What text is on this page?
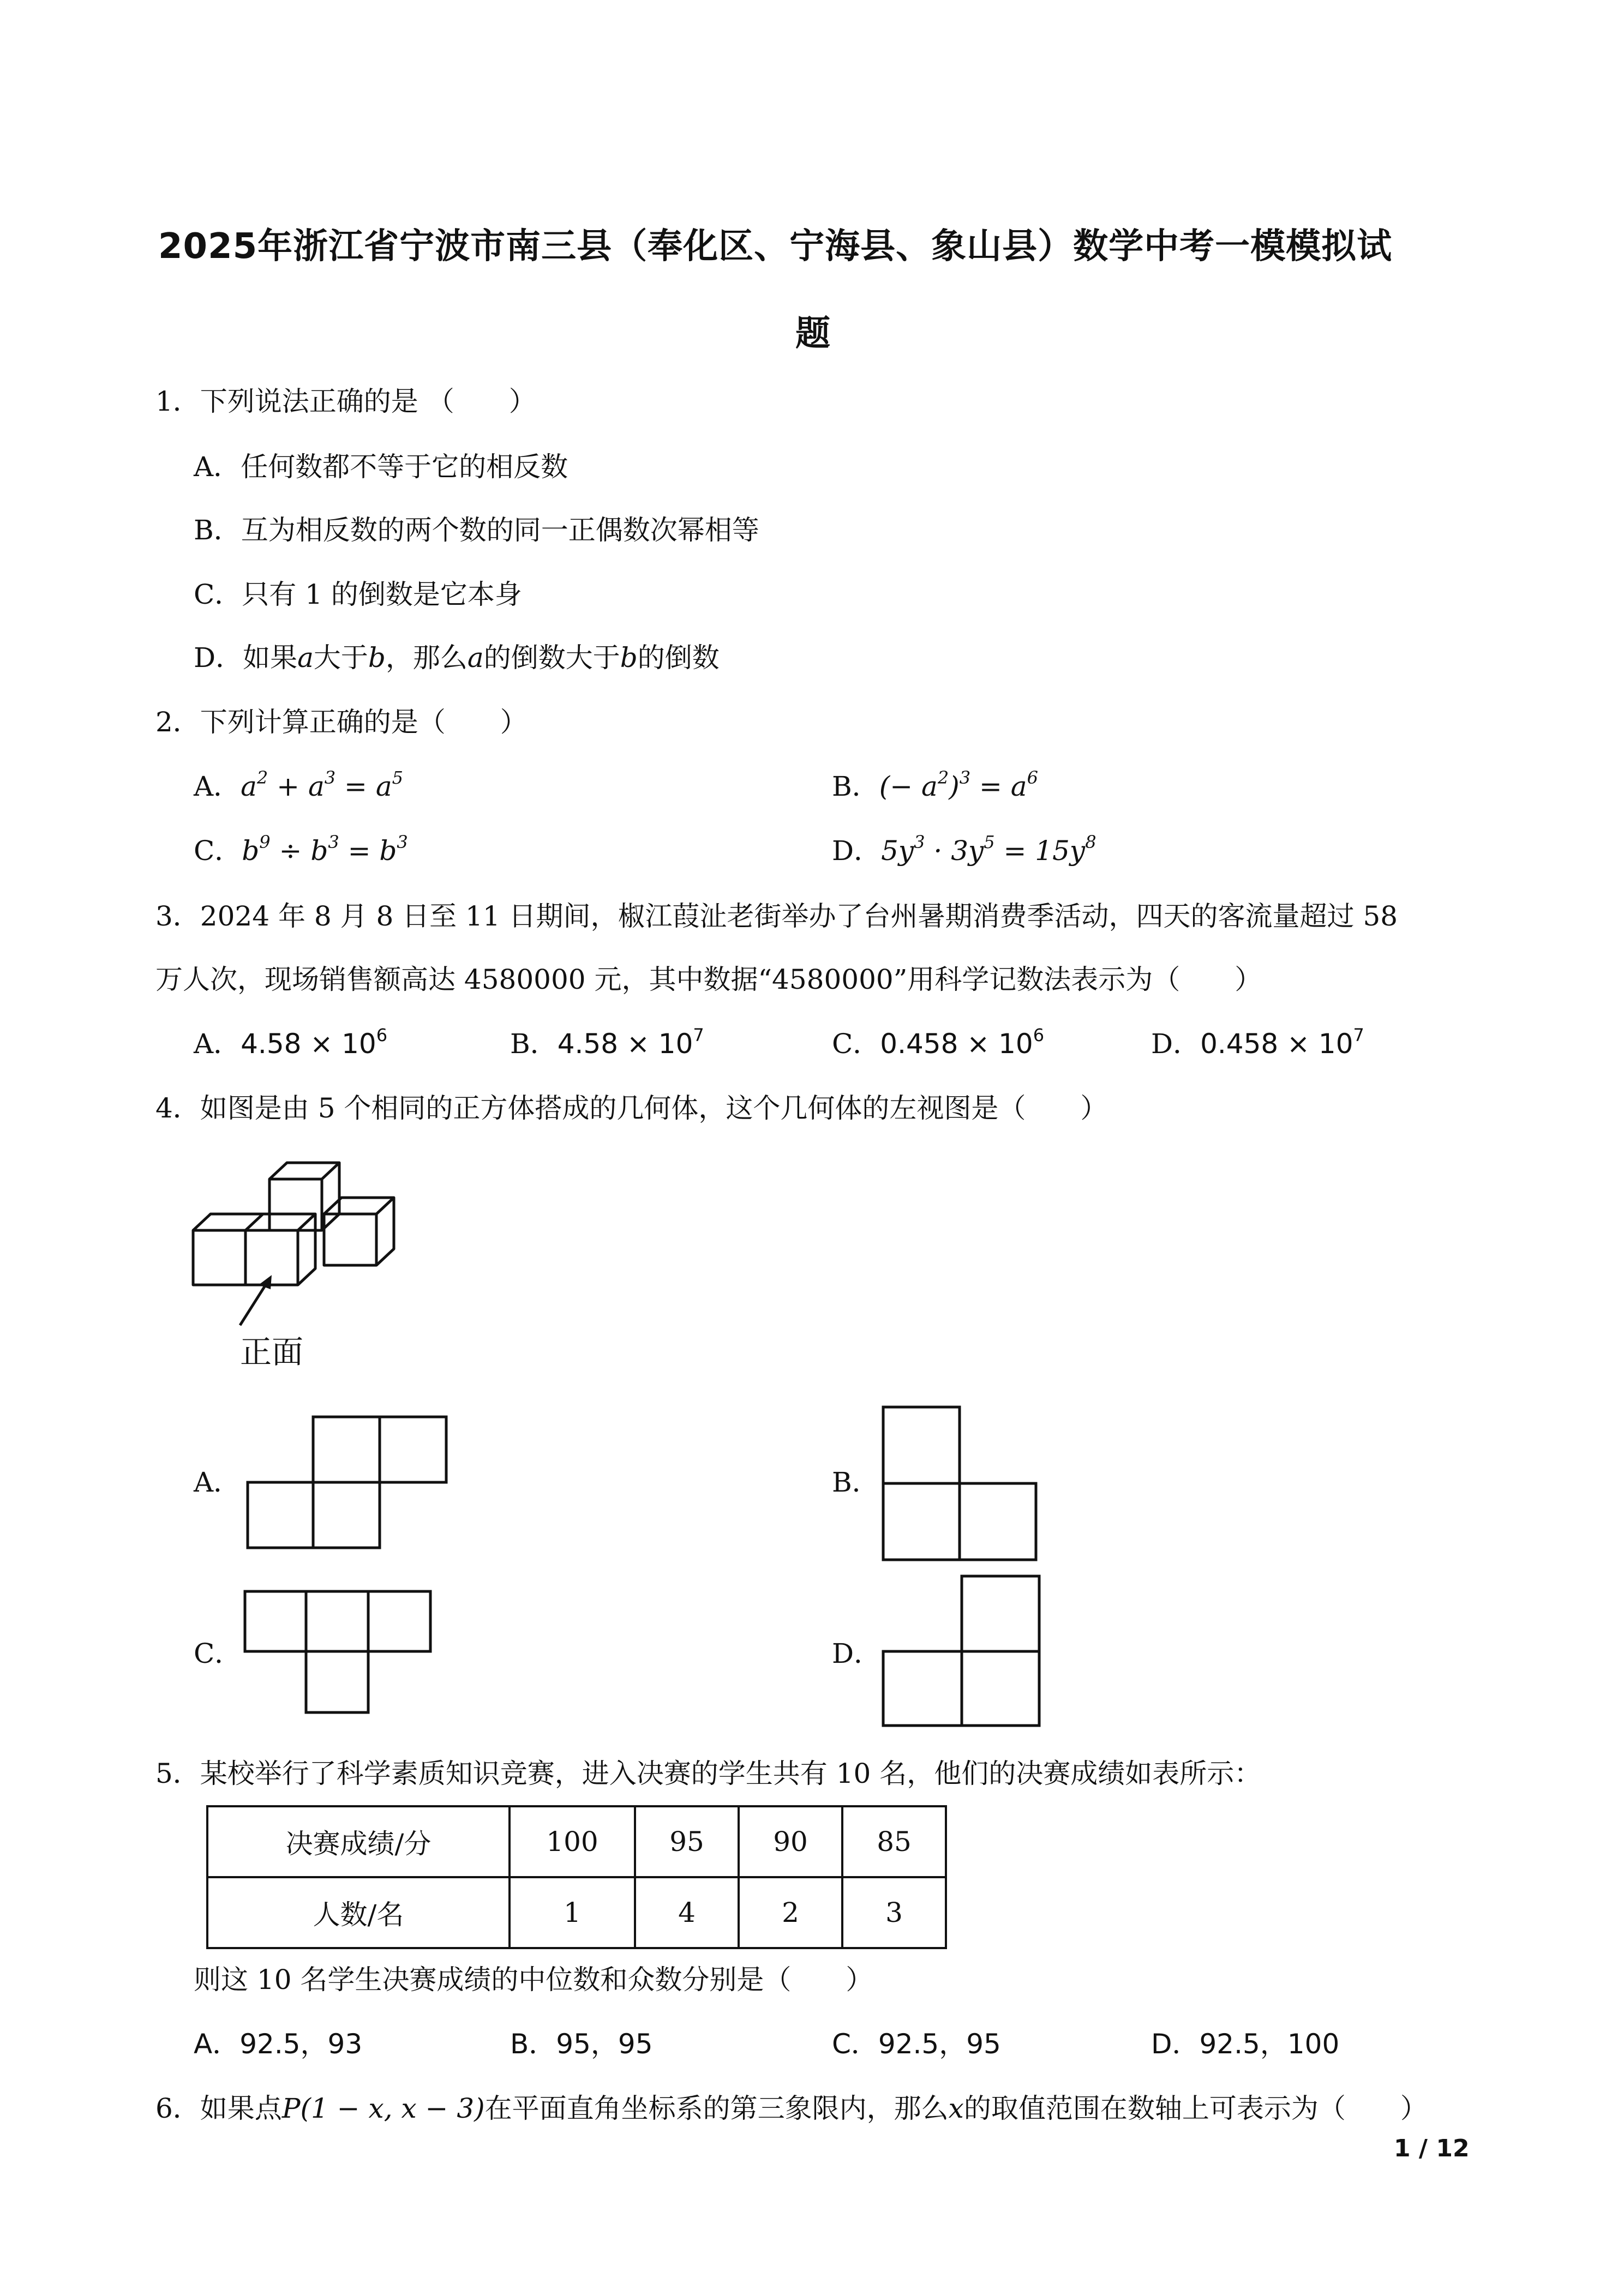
2025年浙江省宁波市南三县（奉化区、宁海县、象山县）数学中考一模模拟试
题
1．下列说法正确的是 （　　）
A．任何数都不等于它的相反数
B．互为相反数的两个数的同一正偶数次幂相等
C．只有 1 的倒数是它本身
D．如果a大于b，那么a的倒数大于b的倒数
2．下列计算正确的是（　　）
A．$a^2 + a^3 = a^5$	B．(− $a^2)^3 = a^6$
C．$b^9 \div b^3 = b^3$	D．$5y^3 \cdot 3y^5 = 15y^8$
3．2024 年 8 月 8 日至 11 日期间，椒江葭沚老街举办了台州暑期消费季活动，四天的客流量超过 58
万人次，现场销售额高达 4580000 元，其中数据“4580000”用科学记数法表示为（　　）
A．$4.58 \times 10^6$	B．$4.58 \times 10^7$	C．$0.458 \times 10^6$	D．$0.458 \times 10^7$
4．如图是由 5 个相同的正方体搭成的几何体，这个几何体的左视图是（　　）
正面
A．	B．
C．	D．
5．某校举行了科学素质知识竞赛，进入决赛的学生共有 10 名，他们的决赛成绩如表所示：
决赛成绩/分	100	95	90	85
人数/名	1	4	2	3
则这 10 名学生决赛成绩的中位数和众数分别是（　　）
A．92.5，93	B．95，95	C．92.5，95	D．92.5，100
6．如果点P(1 − x, x − 3)在平面直角坐标系的第三象限内，那么x的取值范围在数轴上可表示为（　　）
1 / 12
